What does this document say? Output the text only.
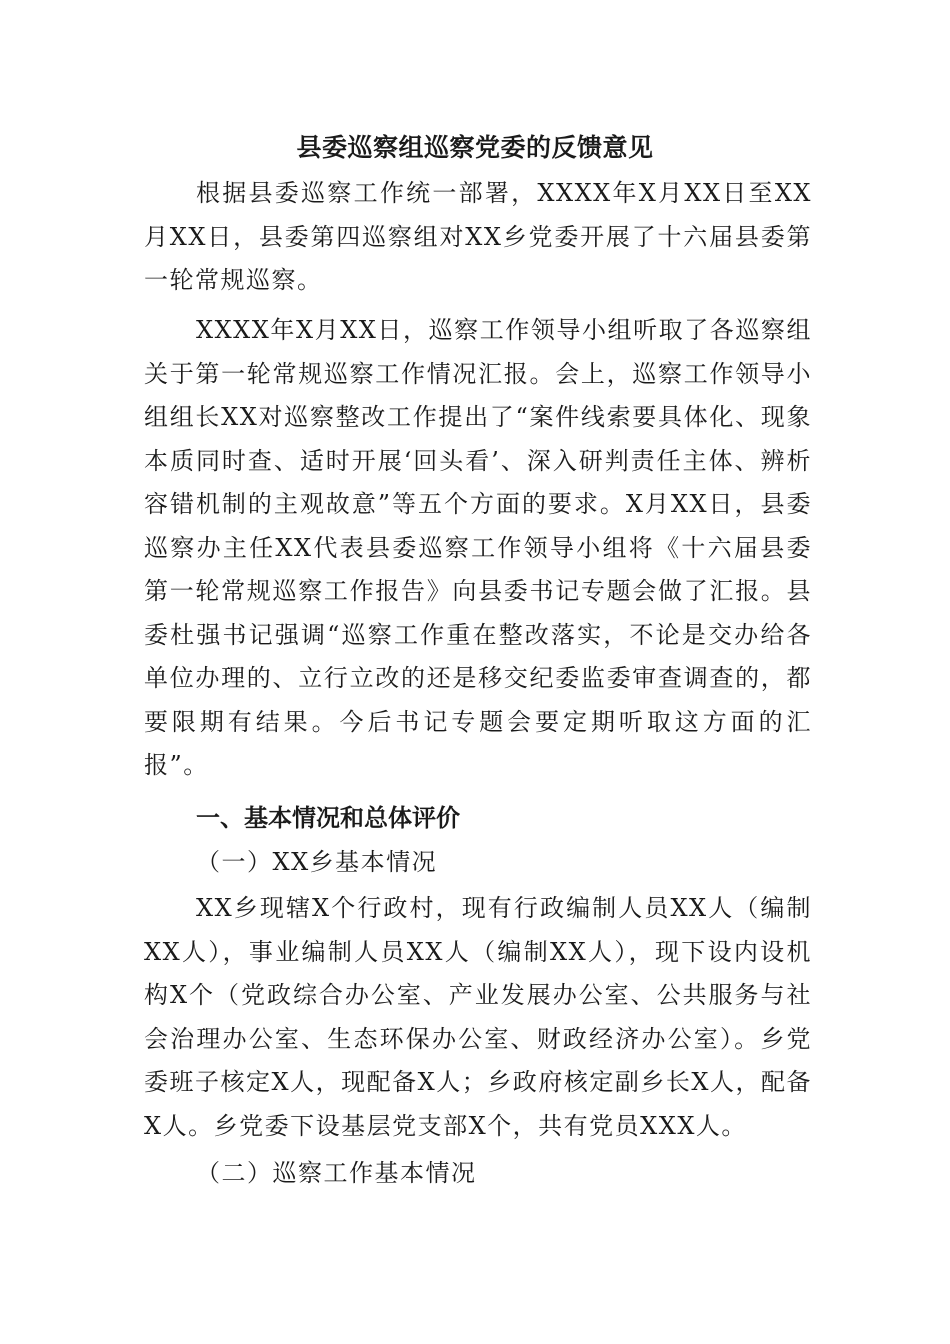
县委巡察组巡察党委的反馈意见

根据县委巡察工作统一部署，XXXX年X月XX日至XX月XX日，县委第四巡察组对XX乡党委开展了十六届县委第一轮常规巡察。

XXXX年X月XX日，巡察工作领导小组听取了各巡察组关于第一轮常规巡察工作情况汇报。会上，巡察工作领导小组组长XX对巡察整改工作提出了“案件线索要具体化、现象本质同时查、适时开展‘回头看’、深入研判责任主体、辨析容错机制的主观故意”等五个方面的要求。X月XX日，县委巡察办主任XX代表县委巡察工作领导小组将《十六届县委第一轮常规巡察工作报告》向县委书记专题会做了汇报。县委杜强书记强调“巡察工作重在整改落实，不论是交办给各单位办理的、立行立改的还是移交纪委监委审查调查的，都要限期有结果。今后书记专题会要定期听取这方面的汇报”。

一、基本情况和总体评价

（一）XX乡基本情况

XX乡现辖X个行政村，现有行政编制人员XX人（编制XX人），事业编制人员XX人（编制XX人），现下设内设机构X个（党政综合办公室、产业发展办公室、公共服务与社会治理办公室、生态环保办公室、财政经济办公室）。乡党委班子核定X人，现配备X人；乡政府核定副乡长X人，配备X人。乡党委下设基层党支部X个，共有党员XXX人。

（二）巡察工作基本情况
